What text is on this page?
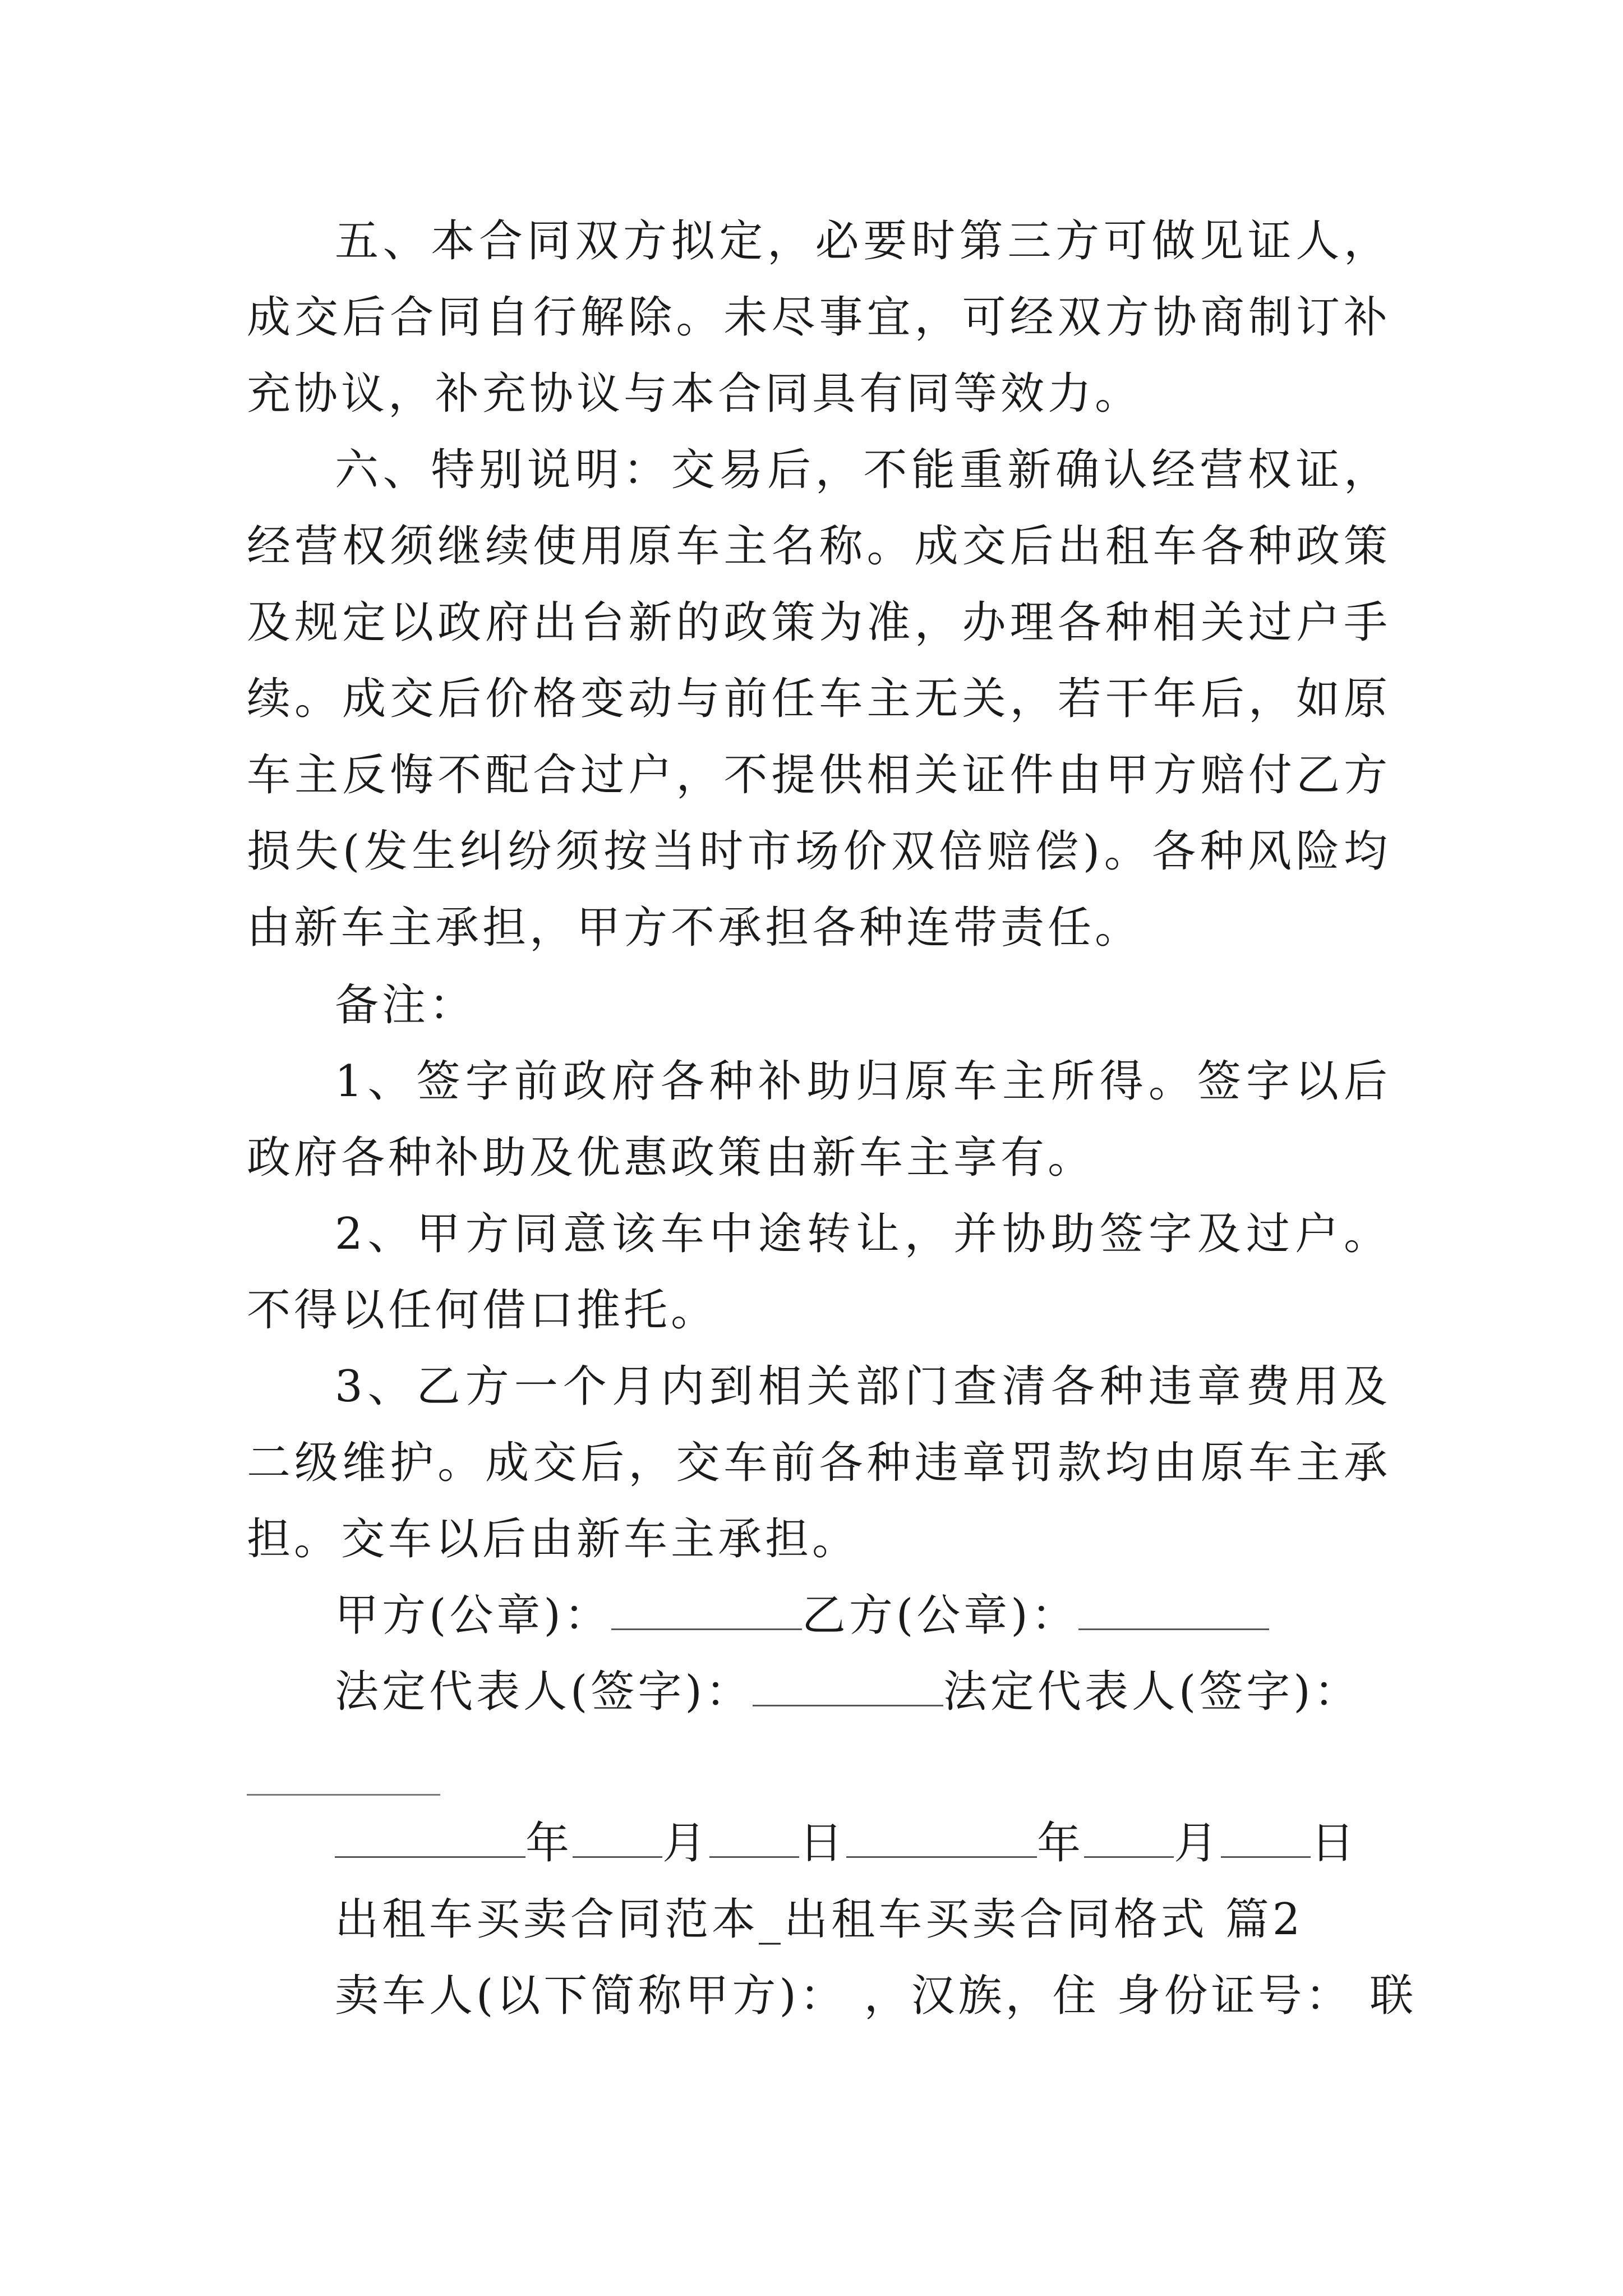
五、本合同双方拟定，必要时第三方可做见证人，成交后合同自行解除。未尽事宜，可经双方协商制订补充协议，补充协议与本合同具有同等效力。

六、特别说明：交易后，不能重新确认经营权证，经营权须继续使用原车主名称。成交后出租车各种政策及规定以政府出台新的政策为准，办理各种相关过户手续。成交后价格变动与前任车主无关，若干年后，如原车主反悔不配合过户，不提供相关证件由甲方赔付乙方损失(发生纠纷须按当时市场价双倍赔偿)。各种风险均由新车主承担，甲方不承担各种连带责任。

备注：

1、签字前政府各种补助归原车主所得。签字以后政府各种补助及优惠政策由新车主享有。

2、甲方同意该车中途转让，并协助签字及过户。不得以任何借口推托。

3、乙方一个月内到相关部门查清各种违章费用及二级维护。成交后，交车前各种违章罚款均由原车主承担。交车以后由新车主承担。

甲方(公章)：	乙方(公章)：
法定代表人(签字)：	法定代表人(签字)：
年 月 日	年 月 日
出租车买卖合同范本_出租车买卖合同格式 篇2
卖车人(以下简称甲方)： ，汉族，住 身份证号： 联
